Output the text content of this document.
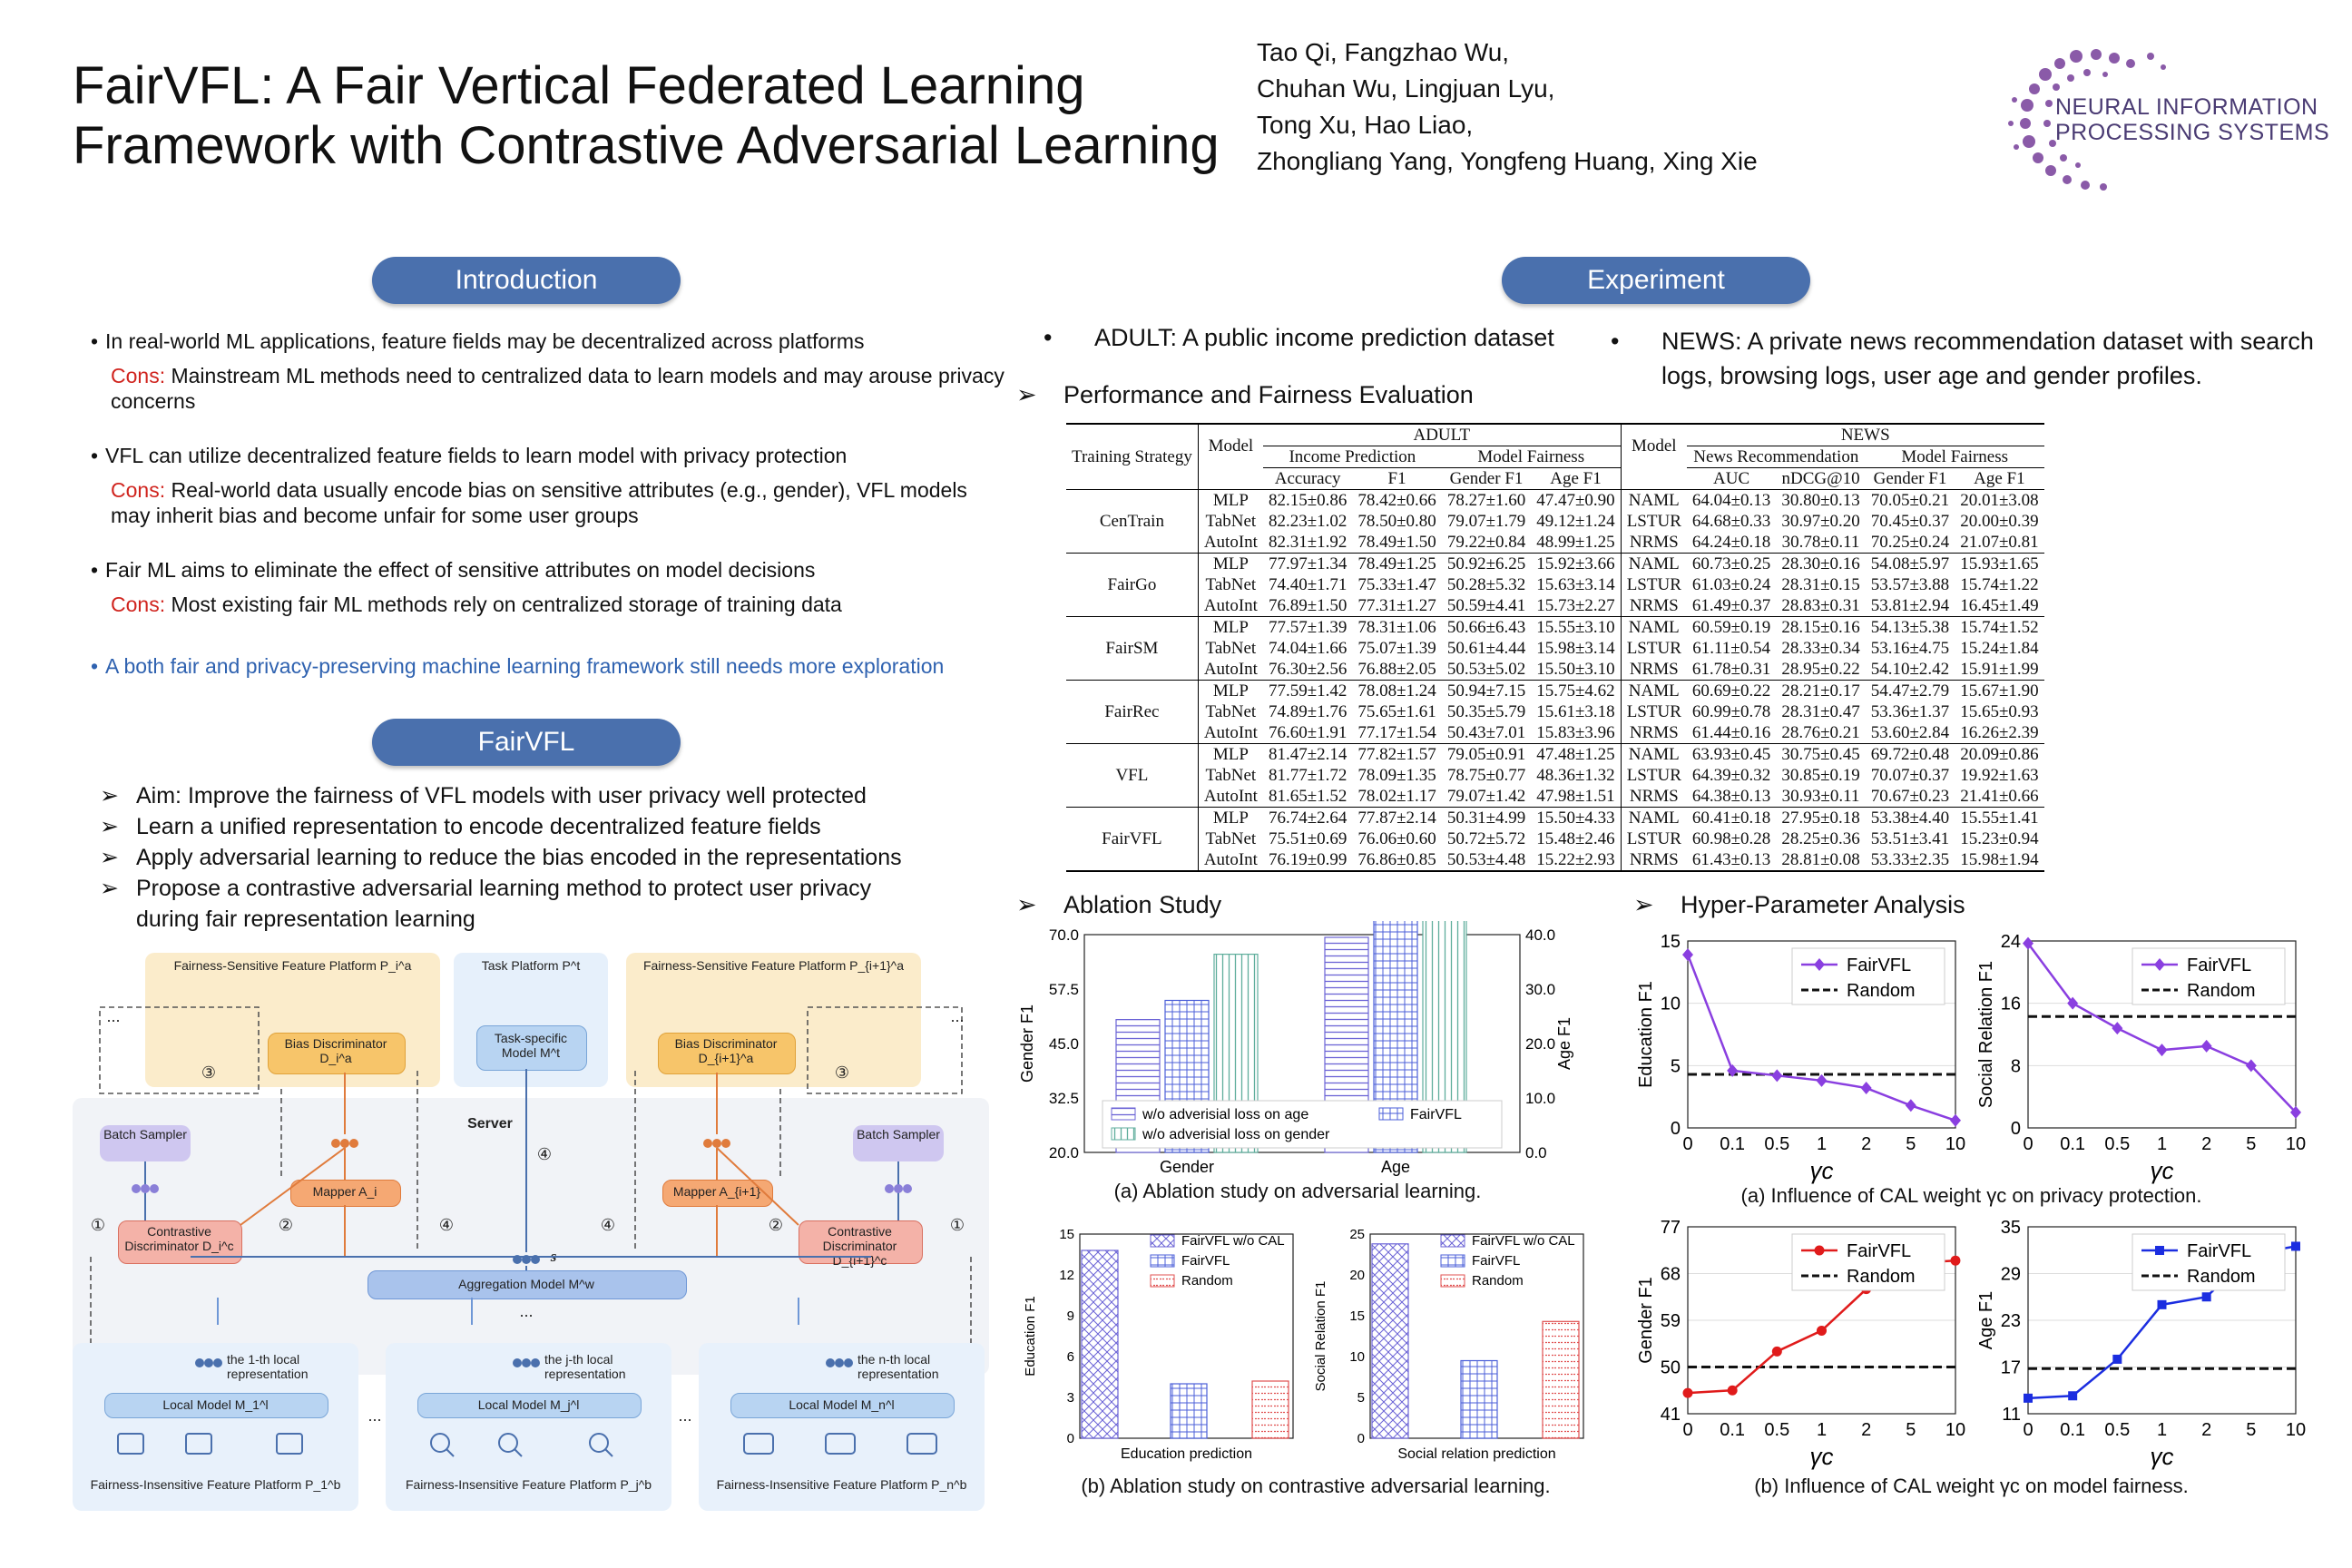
FairVFL: A Fair Vertical Federated Learning
Framework with Contrastive Adversarial Learning
Tao Qi, Fangzhao Wu,
Chuhan Wu, Lingjuan Lyu,
Tong Xu, Hao Liao,
Zhongliang Yang, Yongfeng Huang, Xing Xie
NEURAL INFORMATION
PROCESSING SYSTEMS
Introduction
• In real-world ML applications, feature fields may be decentralized across platforms
Cons: Mainstream ML methods need to centralized data to learn models and may arouse privacy concerns
• VFL can utilize decentralized feature fields to learn model with privacy protection
Cons: Real-world data usually encode bias on sensitive attributes (e.g., gender), VFL models may inherit bias and become unfair for some user groups
• Fair ML aims to eliminate the effect of sensitive attributes on model decisions
Cons: Most existing fair ML methods rely on centralized storage of training data
• A both fair and privacy-preserving machine learning framework still needs more exploration
FairVFL
➢ Aim: Improve the fairness of VFL models with user privacy well protected
➢ Learn a unified representation to encode decentralized feature fields
➢ Apply adversarial learning to reduce the bias encoded in the representations
➢ Propose a contrastive adversarial learning method to protect user privacy
during fair representation learning
Server
Fairness-Sensitive Feature Platform P_i^a	Fairness-Sensitive Feature Platform P_{i+1}^a
Task Platform P^t
Task-specific Model M^t
Bias Discriminator D_i^a
Bias Discriminator D_{i+1}^a
Batch Sampler	Batch Sampler
Mapper A_i	Mapper A_{i+1}
Contrastive Discriminator D_i^c
Contrastive Discriminator D_{i+1}^c
Aggregation Model M^w
s
①	①
②	②
③	③
④
④	④
...	...
...
...	...
the 1-th local representation
the j-th local representation
the n-th local representation
Local Model M_1^l	Local Model M_j^l	Local Model M_n^l
Fairness-Insensitive Feature Platform P_1^b	Fairness-Insensitive Feature Platform P_j^b	Fairness-Insensitive Feature Platform P_n^b
Experiment
• ADULT: A public income prediction dataset •	NEWS: A private news recommendation dataset with search logs, browsing logs, user age and gender profiles.
➢ Performance and Fairness Evaluation
Training Strategy	Model	ADULT				Model	NEWS			
		Income Prediction		Model Fairness			News Recommendation		Model Fairness	
		Accuracy	F1	Gender F1	Age F1		AUC	nDCG@10	Gender F1	Age F1
CenTrain	MLP	82.15±0.86	78.42±0.66	78.27±1.60	47.47±0.90	NAML	64.04±0.13	30.80±0.13	70.05±0.21	20.01±3.08
	TabNet	82.23±1.02	78.50±0.80	79.07±1.79	49.12±1.24	LSTUR	64.68±0.33	30.97±0.20	70.45±0.37	20.00±0.39
	AutoInt	82.31±1.92	78.49±1.50	79.22±0.84	48.99±1.25	NRMS	64.24±0.18	30.78±0.11	70.25±0.24	21.07±0.81
FairGo	MLP	77.97±1.34	78.49±1.25	50.92±6.25	15.92±3.66	NAML	60.73±0.25	28.30±0.16	54.08±5.97	15.93±1.65
	TabNet	74.40±1.71	75.33±1.47	50.28±5.32	15.63±3.14	LSTUR	61.03±0.24	28.31±0.15	53.57±3.88	15.74±1.22
	AutoInt	76.89±1.50	77.31±1.27	50.59±4.41	15.73±2.27	NRMS	61.49±0.37	28.83±0.31	53.81±2.94	16.45±1.49
FairSM	MLP	77.57±1.39	78.31±1.06	50.66±6.43	15.55±3.10	NAML	60.59±0.19	28.15±0.16	54.13±5.38	15.74±1.52
	TabNet	74.04±1.66	75.07±1.39	50.61±4.44	15.98±3.14	LSTUR	61.11±0.54	28.33±0.34	53.16±4.75	15.24±1.84
	AutoInt	76.30±2.56	76.88±2.05	50.53±5.02	15.50±3.10	NRMS	61.78±0.31	28.95±0.22	54.10±2.42	15.91±1.99
FairRec	MLP	77.59±1.42	78.08±1.24	50.94±7.15	15.75±4.62	NAML	60.69±0.22	28.21±0.17	54.47±2.79	15.67±1.90
	TabNet	74.89±1.76	75.65±1.61	50.35±5.79	15.61±3.18	LSTUR	60.99±0.78	28.31±0.47	53.36±1.37	15.65±0.93
	AutoInt	76.60±1.91	77.17±1.54	50.43±7.01	15.83±3.96	NRMS	61.44±0.16	28.76±0.21	53.60±2.84	16.26±2.39
VFL	MLP	81.47±2.14	77.82±1.57	79.05±0.91	47.48±1.25	NAML	63.93±0.45	30.75±0.45	69.72±0.48	20.09±0.86
	TabNet	81.77±1.72	78.09±1.35	78.75±0.77	48.36±1.32	LSTUR	64.39±0.32	30.85±0.19	70.07±0.37	19.92±1.63
	AutoInt	81.65±1.52	78.02±1.17	79.07±1.42	47.98±1.51	NRMS	64.38±0.13	30.93±0.11	70.67±0.23	21.41±0.66
FairVFL	MLP	76.74±2.64	77.87±2.14	50.31±4.99	15.50±4.33	NAML	60.41±0.18	27.95±0.18	53.38±4.40	15.55±1.41
	TabNet	75.51±0.69	76.06±0.60	50.72±5.72	15.48±2.46	LSTUR	60.98±0.28	28.25±0.36	53.51±3.41	15.23±0.94
	AutoInt	76.19±0.99	76.86±0.85	50.53±4.48	15.22±2.93	NRMS	61.43±0.13	28.81±0.08	53.33±2.35	15.98±1.94
➢ Ablation Study	➢ Hyper-Parameter Analysis
20.0
32.5
45.0
57.5
70.0
0.0
10.0
20.0
30.0
40.0
Gender F1	Age F1
Gender	Age
w/o adverisial loss on age
w/o adverisial loss on gender
FairVFL
(a) Ablation study on adversarial learning.
0
3
6
9
12
15
Education F1
Education prediction
FairVFL w/o CAL
FairVFL
Random
0
5
10
15
20
25
Social Relation F1
Social relation prediction
FairVFL w/o CAL
FairVFL
Random
(b) Ablation study on contrastive adversarial learning.
0
5
10
15
0 0.1 0.5 1 2 5 10
γc
Education F1
FairVFL
Random
0
8
16
24
0 0.1 0.5 1 2 5 10
γc
Social Relation F1	FairVFL
Random
(a) Influence of CAL weight γc on privacy protection.
41
50
59
68
77
0 0.1 0.5 1 2 5 10
γc
Gender F1
FairVFL
Random
11
17
23
29
35
0 0.1 0.5 1 2 5 10
γc
Age F1
FairVFL
Random
(b) Influence of CAL weight γc on model fairness.
